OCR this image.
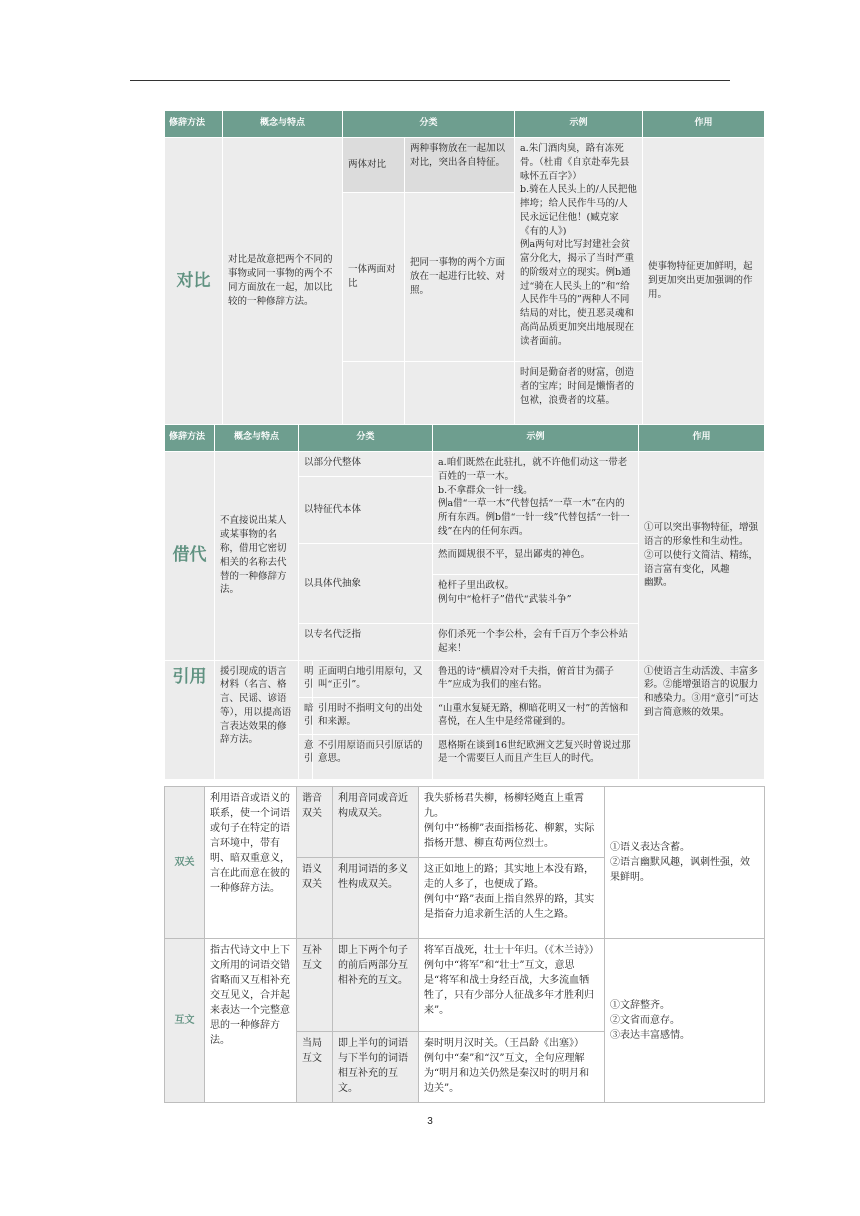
修辞方法	概念与特点	分类		示例	作用
对比	对比是故意把两个不同的事物或同一事物的两个不同方面放在一起，加以比较的一种修辞方法。	两体对比	两种事物放在一起加以对比，突出各自特征。	a.朱门酒肉臭，路有冻死骨。（杜甫《自京赴奉先县咏怀五百字》）
b.骑在人民头上的/人民把他摔垮；给人民作牛马的/人民永远记住他！(臧克家《有的人》)
例a两句对比写封建社会贫富分化大，揭示了当时严重的阶级对立的现实。例b通过“骑在人民头上的”和“给人民作牛马的”两种人不同结局的对比，使丑恶灵魂和高尚品质更加突出地展现在读者面前。	使事物特征更加鲜明，起到更加突出更加强调的作用。
		一体两面对比	把同一事物的两个方面放在一起进行比较、对照。		
				时间是勤奋者的财富，创造者的宝库；时间是懒惰者的包袱，浪费者的坟墓。	
修辞方法	概念与特点	分类		示例	作用
借代	不直接说出某人或某事物的名称，借用它密切相关的名称去代替的一种修辞方法。	以部分代整体		a.咱们既然在此驻扎，就不许他们动这一带老百姓的一草一木。
b.不拿群众一针一线。
例a借“一草一木”代替包括“一草一木”在内的所有东西。例b借“一针一线”代替包括“一针一线”在内的任何东西。	①可以突出事物特征，增强语言的形象性和生动性。
②可以使行文简洁、精练，语言富有变化，风趣
幽默。
		以特征代本体			
		以具体代抽象		然而圆规很不平，显出鄙夷的神色。	
				枪杆子里出政权。
例句中“枪杆子”借代“武装斗争”	
		以专名代泛指		你们杀死一个李公朴，会有千百万个李公朴站起来！	
引用	援引现成的语言材料（名言、格言、民谣、谚语等），用以提高语言表达效果的修辞方法。	明引	正面明白地引用原句，又叫“正引”。	鲁迅的诗“横眉冷对千夫指，俯首甘为孺子牛”应成为我们的座右铭。	①使语言生动活泼、丰富多彩。②能增强语言的说服力和感染力。③用“意引”可达到言简意赅的效果。
		暗引	引用时不指明文句的出处和来源。	“山重水复疑无路，柳暗花明又一村”的苦恼和喜悦，在人生中是经常碰到的。	
		意引	不引用原语而只引原话的意思。	恩格斯在谈到16世纪欧洲文艺复兴时曾说过那是一个需要巨人而且产生巨人的时代。	
双关	利用语音或语义的联系，使一个词语或句子在特定的语言环境中，带有明、暗双重意义，言在此而意在彼的一种修辞方法。	谐音双关	利用音同或音近构成双关。	我失骄杨君失柳，杨柳轻飏直上重霄九。
例句中“杨柳”表面指杨花、柳絮，实际指杨开慧、柳直荀两位烈士。	①语义表达含蓄。
②语言幽默风趣，讽刺性强，效果鲜明。
		语义双关	利用词语的多义性构成双关。	这正如地上的路；其实地上本没有路，走的人多了，也便成了路。
例句中“路”表面上指自然界的路，其实是指奋力追求新生活的人生之路。	
互文	指古代诗文中上下文所用的词语交错省略而又互相补充交互见义，合并起来表达一个完整意思的一种修辞方法。	互补互文	即上下两个句子的前后两部分互相补充的互文。	将军百战死，壮士十年归。（《木兰诗》）
例句中“将军”和“壮士”互文，意思是“将军和战士身经百战，大多流血牺牲了，只有少部分人征战多年才胜利归来”。	①文辞整齐。
②文省而意存。
③表达丰富感情。
		当局互文	即上半句的词语与下半句的词语相互补充的互文。	秦时明月汉时关。（王昌龄《出塞》）
例句中“秦”和“汉”互文，全句应理解为“明月和边关仍然是秦汉时的明月和边关”。	
3
